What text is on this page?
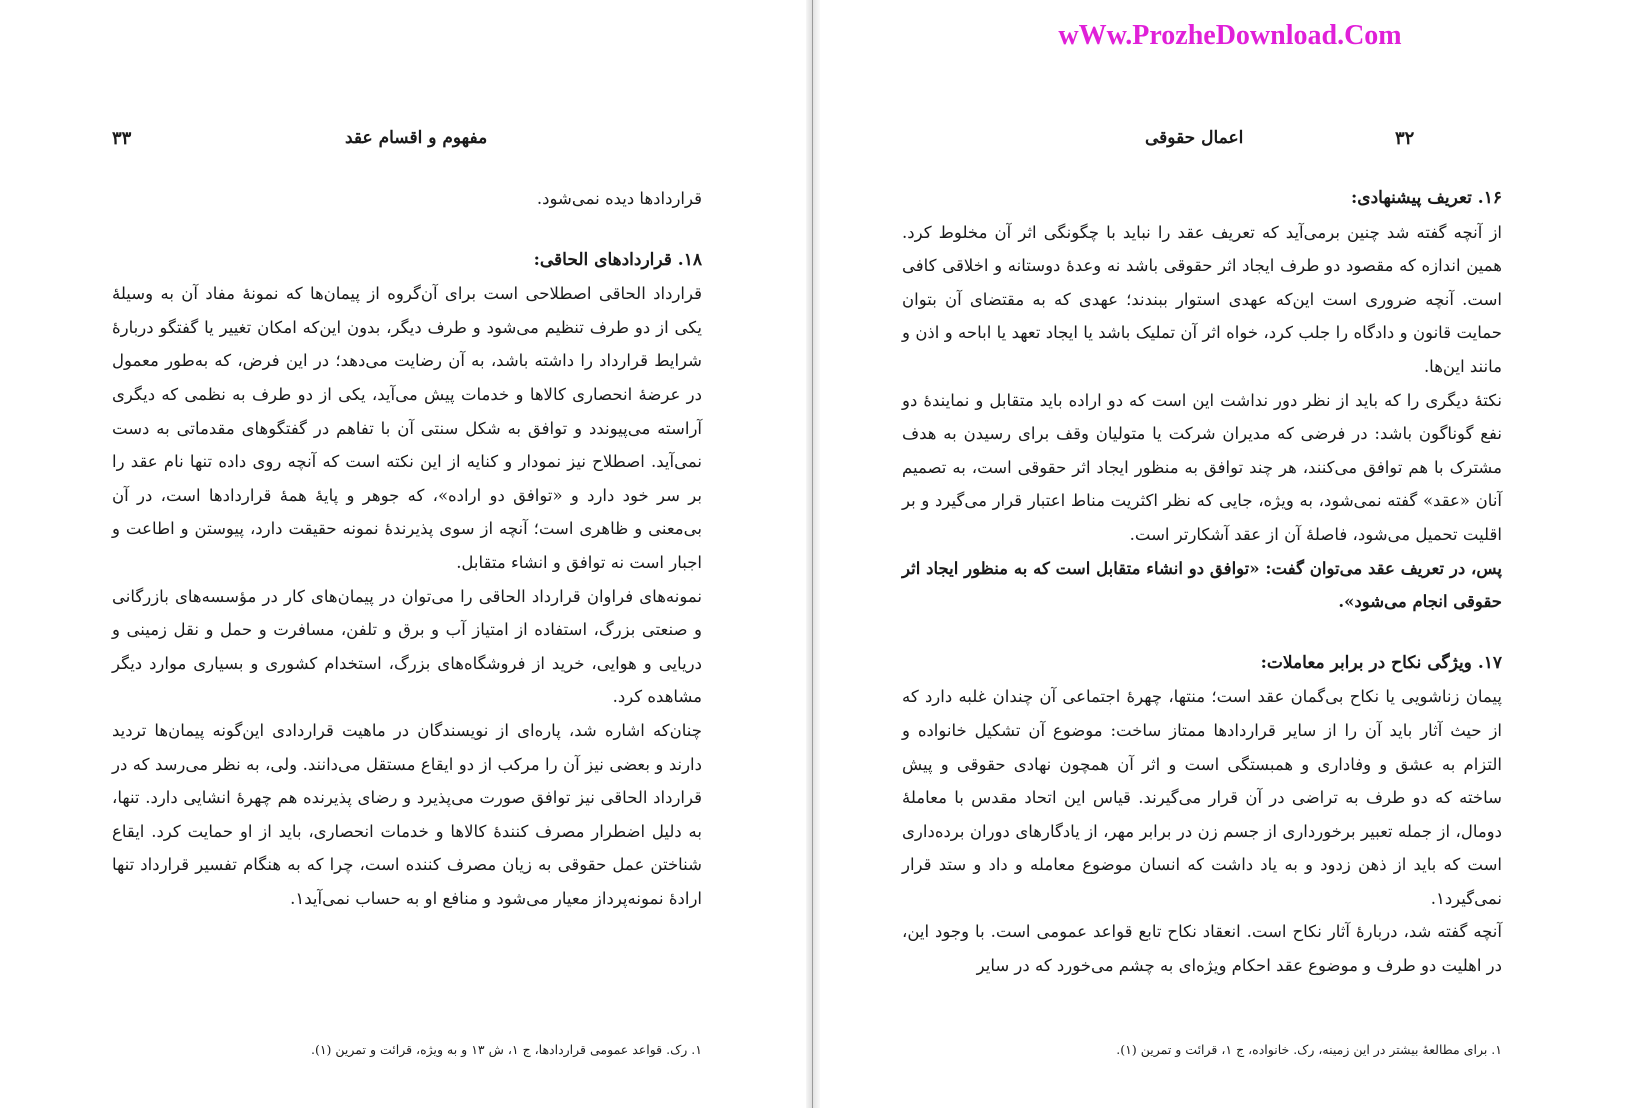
wWw.ProzheDownload.Com
۳۳	مفهوم و اقسام عقد

قراردادها دیده نمی‌شود.

۱۸. قراردادهای الحاقی:

قرارداد الحاقی اصطلاحی است برای آن‌گروه از پیمان‌ها که نمونهٔ مفاد آن به وسیلهٔ یکی از دو طرف تنظیم می‌شود و طرف دیگر، بدون این‌که امکان تغییر یا گفتگو دربارهٔ شرایط قرارداد را داشته باشد، به آن رضایت می‌دهد؛ در این فرض، که به‌طور معمول در عرضهٔ انحصاری کالاها و خدمات پیش می‌آید، یکی از دو طرف به نظمی که دیگری آراسته می‌پیوندد و توافق به شکل سنتی آن با تفاهم در گفتگوهای مقدماتی به دست نمی‌آید. اصطلاح نیز نمودار و کنایه از این نکته است که آنچه روی داده تنها نام عقد را بر سر خود دارد و «توافق دو اراده»، که جوهر و پایهٔ همهٔ قراردادها است، در آن بی‌معنی و ظاهری است؛ آنچه از سوی پذیرندهٔ نمونه حقیقت دارد، پیوستن و اطاعت و اجبار است نه توافق و انشاء متقابل.

نمونه‌های فراوان قرارداد الحاقی را می‌توان در پیمان‌های کار در مؤسسه‌های بازرگانی و صنعتی بزرگ، استفاده از امتیاز آب و برق و تلفن، مسافرت و حمل و نقل زمینی و دریایی و هوایی، خرید از فروشگاه‌های بزرگ، استخدام کشوری و بسیاری موارد دیگر مشاهده کرد.

چنان‌که اشاره شد، پاره‌ای از نویسندگان در ماهیت قراردادی این‌گونه پیمان‌ها تردید دارند و بعضی نیز آن را مرکب از دو ایقاع مستقل می‌دانند. ولی، به نظر می‌رسد که در قرارداد الحاقی نیز توافق صورت می‌پذیرد و رضای پذیرنده هم چهرهٔ انشایی دارد. تنها، به دلیل اضطرار مصرف کنندهٔ کالاها و خدمات انحصاری، باید از او حمایت کرد. ایقاع شناختن عمل حقوقی به زیان مصرف کننده است، چرا که به هنگام تفسیر قرارداد تنها ارادهٔ نمونه‌پرداز معیار می‌شود و منافع او به حساب نمی‌آید۱.

۱. رک. قواعد عمومی قراردادها، ج ۱، ش ۱۳ و به ویژه، قرائت و تمرین (۱).
۳۲
اعمال حقوقی
۱۶. تعریف پیشنهادی:

از آنچه گفته شد چنین برمی‌آید که تعریف عقد را نباید با چگونگی اثر آن مخلوط کرد. همین اندازه که مقصود دو طرف ایجاد اثر حقوقی باشد نه وعدهٔ دوستانه و اخلاقی کافی است. آنچه ضروری است این‌که عهدی استوار ببندند؛ عهدی که به مقتضای آن بتوان حمایت قانون و دادگاه را جلب کرد، خواه اثر آن تملیک باشد یا ایجاد تعهد یا اباحه و اذن و مانند این‌ها.

نکتهٔ دیگری را که باید از نظر دور نداشت این است که دو اراده باید متقابل و نمایندهٔ دو نفع گوناگون باشد: در فرضی که مدیران شرکت یا متولیان وقف برای رسیدن به هدف مشترک با هم توافق می‌کنند، هر چند توافق به منظور ایجاد اثر حقوقی است، به تصمیم آنان «عقد» گفته نمی‌شود، به ویژه، جایی که نظر اکثریت مناط اعتبار قرار می‌گیرد و بر اقلیت تحمیل می‌شود، فاصلهٔ آن از عقد آشکارتر است.

پس، در تعریف عقد می‌توان گفت: «توافق دو انشاء متقابل است که به منظور ایجاد اثر حقوقی انجام می‌شود».

۱۷. ویژگی نکاح در برابر معاملات:

پیمان زناشویی یا نکاح بی‌گمان عقد است؛ منتها، چهرهٔ اجتماعی آن چندان غلبه دارد که از حیث آثار باید آن را از سایر قراردادها ممتاز ساخت: موضوع آن تشکیل خانواده و التزام به عشق و وفاداری و همبستگی است و اثر آن همچون نهادی حقوقی و پیش ساخته که دو طرف به تراضی در آن قرار می‌گیرند. قیاس این اتحاد مقدس با معاملهٔ دومال، از جمله تعبیر برخورداری از جسم زن در برابر مهر، از یادگارهای دوران برده‌داری است که باید از ذهن زدود و به یاد داشت که انسان موضوع معامله و داد و ستد قرار نمی‌گیرد۱.

آنچه گفته شد، دربارهٔ آثار نکاح است. انعقاد نکاح تابع قواعد عمومی است. با وجود این، در اهلیت دو طرف و موضوع عقد احکام ویژه‌ای به چشم می‌خورد که در سایر

۱. برای مطالعهٔ بیشتر در این زمینه، رک. خانواده، ج ۱، قرائت و تمرین (۱).
